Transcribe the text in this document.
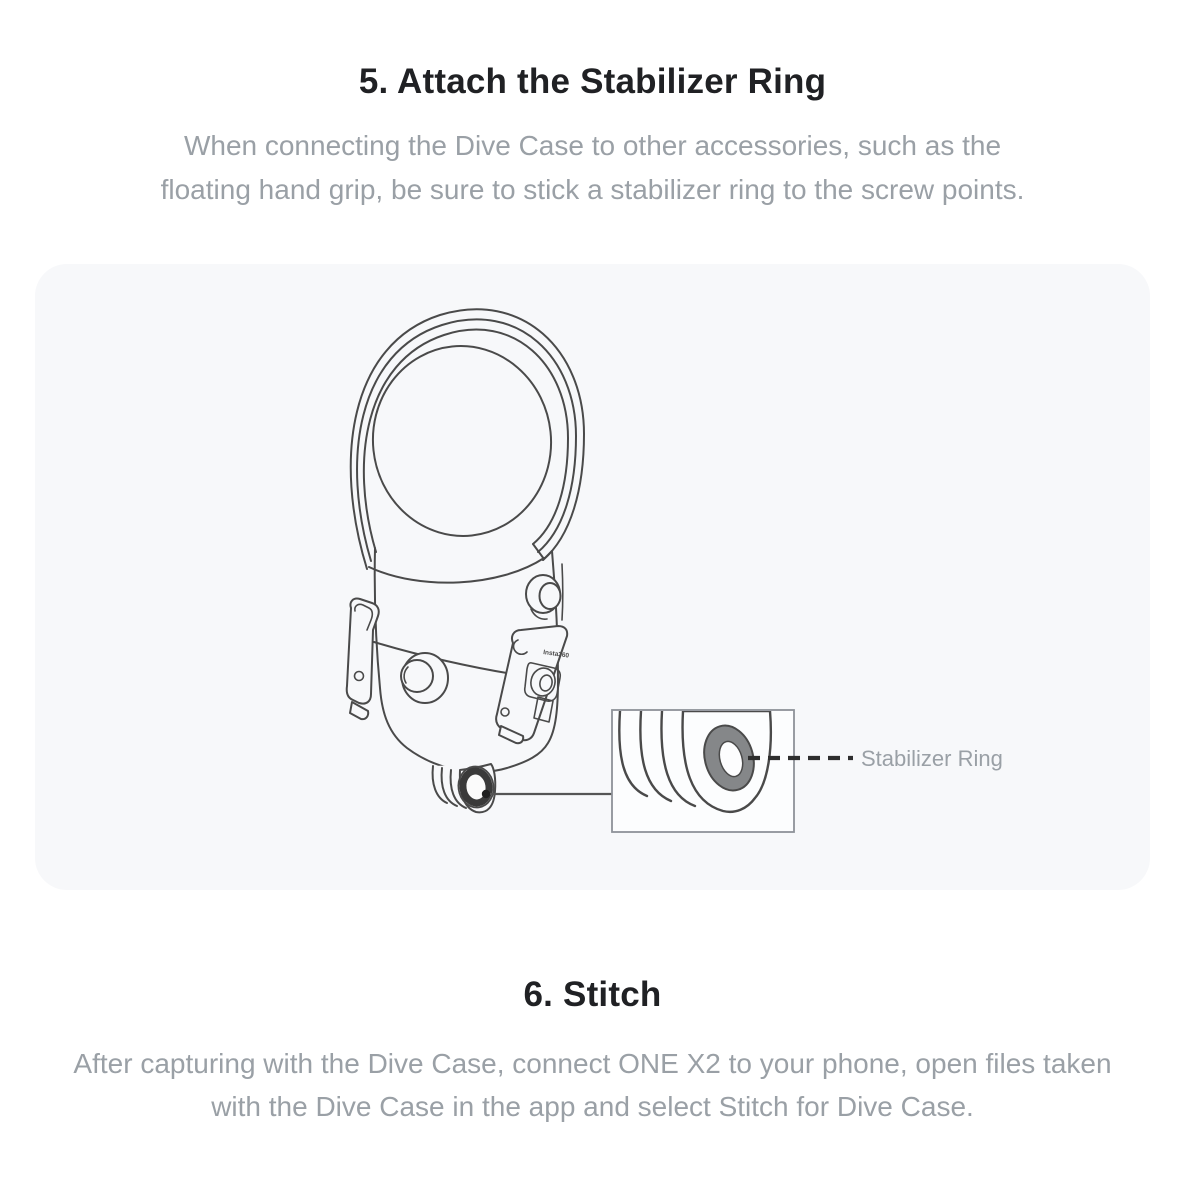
5. Attach the Stabilizer Ring
When connecting the Dive Case to other accessories, such as the
floating hand grip, be sure to stick a stabilizer ring to the screw points.
Insta360
Stabilizer Ring
6. Stitch
After capturing with the Dive Case, connect ONE X2 to your phone, open files taken
with the Dive Case in the app and select Stitch for Dive Case.
